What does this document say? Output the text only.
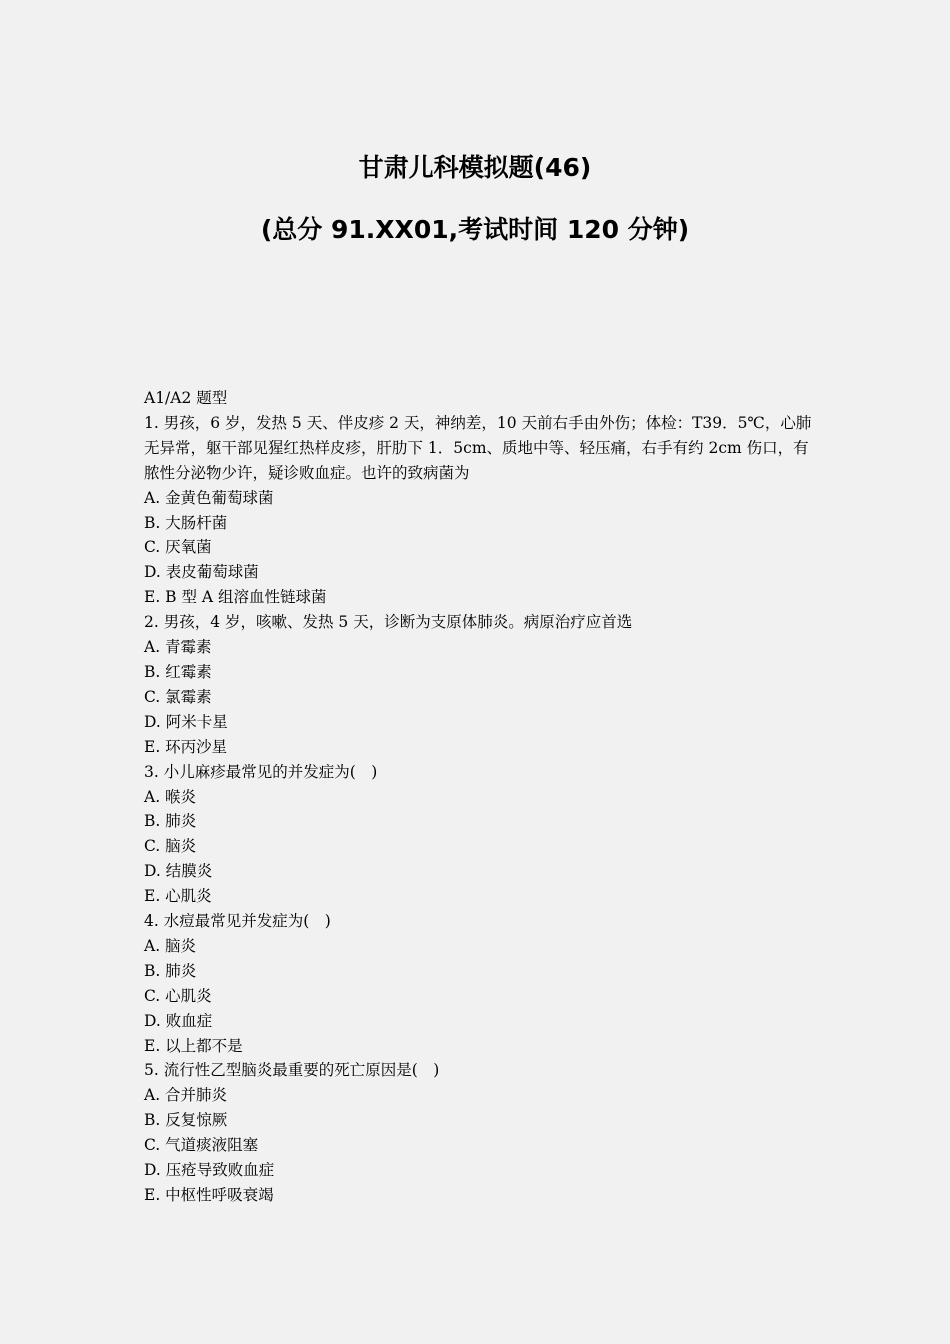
甘肃儿科模拟题(46)

(总分 91.XX01,考试时间 120 分钟)

A1/A2 题型

1. 男孩，6 岁，发热 5 天、伴皮疹 2 天，神纳差，10 天前右手由外伤；体检：T39．5℃，心肺无异常，躯干部见猩红热样皮疹，肝肋下 1．5cm、质地中等、轻压痛，右手有约 2cm 伤口，有脓性分泌物少许，疑诊败血症。也许的致病菌为

A. 金黄色葡萄球菌

B. 大肠杆菌

C. 厌氧菌

D. 表皮葡萄球菌

E. B 型 A 组溶血性链球菌

2. 男孩，4 岁，咳嗽、发热 5 天，诊断为支原体肺炎。病原治疗应首选

A. 青霉素

B. 红霉素

C. 氯霉素

D. 阿米卡星

E. 环丙沙星

3. 小儿麻疹最常见的并发症为(　)

A. 喉炎

B. 肺炎

C. 脑炎

D. 结膜炎

E. 心肌炎

4. 水痘最常见并发症为(　)

A. 脑炎

B. 肺炎

C. 心肌炎

D. 败血症

E. 以上都不是

5. 流行性乙型脑炎最重要的死亡原因是(　)

A. 合并肺炎

B. 反复惊厥

C. 气道痰液阻塞

D. 压疮导致败血症

E. 中枢性呼吸衰竭
